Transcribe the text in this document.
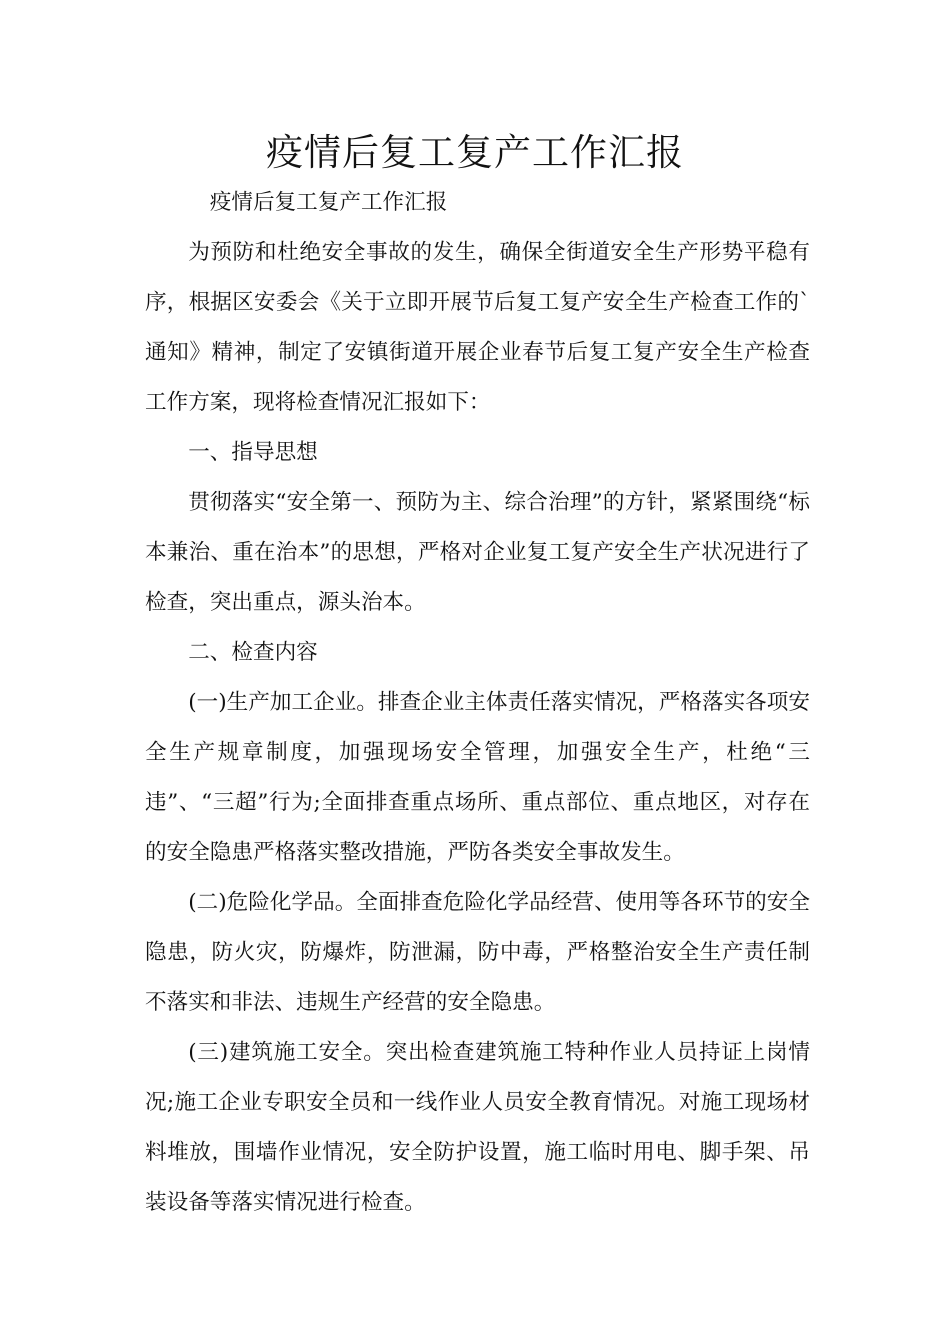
疫情后复工复产工作汇报

疫情后复工复产工作汇报

为预防和杜绝安全事故的发生，确保全街道安全生产形势平稳有序，根据区安委会《关于立即开展节后复工复产安全生产检查工作的`通知》精神，制定了安镇街道开展企业春节后复工复产安全生产检查工作方案，现将检查情况汇报如下：

一、指导思想

贯彻落实“安全第一、预防为主、综合治理”的方针，紧紧围绕“标本兼治、重在治本”的思想，严格对企业复工复产安全生产状况进行了检查，突出重点，源头治本。

二、检查内容

(一)生产加工企业。排查企业主体责任落实情况，严格落实各项安全生产规章制度，加强现场安全管理，加强安全生产，杜绝“三违”、“三超”行为;全面排查重点场所、重点部位、重点地区，对存在的安全隐患严格落实整改措施，严防各类安全事故发生。

(二)危险化学品。全面排查危险化学品经营、使用等各环节的安全隐患，防火灾，防爆炸，防泄漏，防中毒，严格整治安全生产责任制不落实和非法、违规生产经营的安全隐患。

(三)建筑施工安全。突出检查建筑施工特种作业人员持证上岗情况;施工企业专职安全员和一线作业人员安全教育情况。对施工现场材料堆放，围墙作业情况，安全防护设置，施工临时用电、脚手架、吊装设备等落实情况进行检查。
